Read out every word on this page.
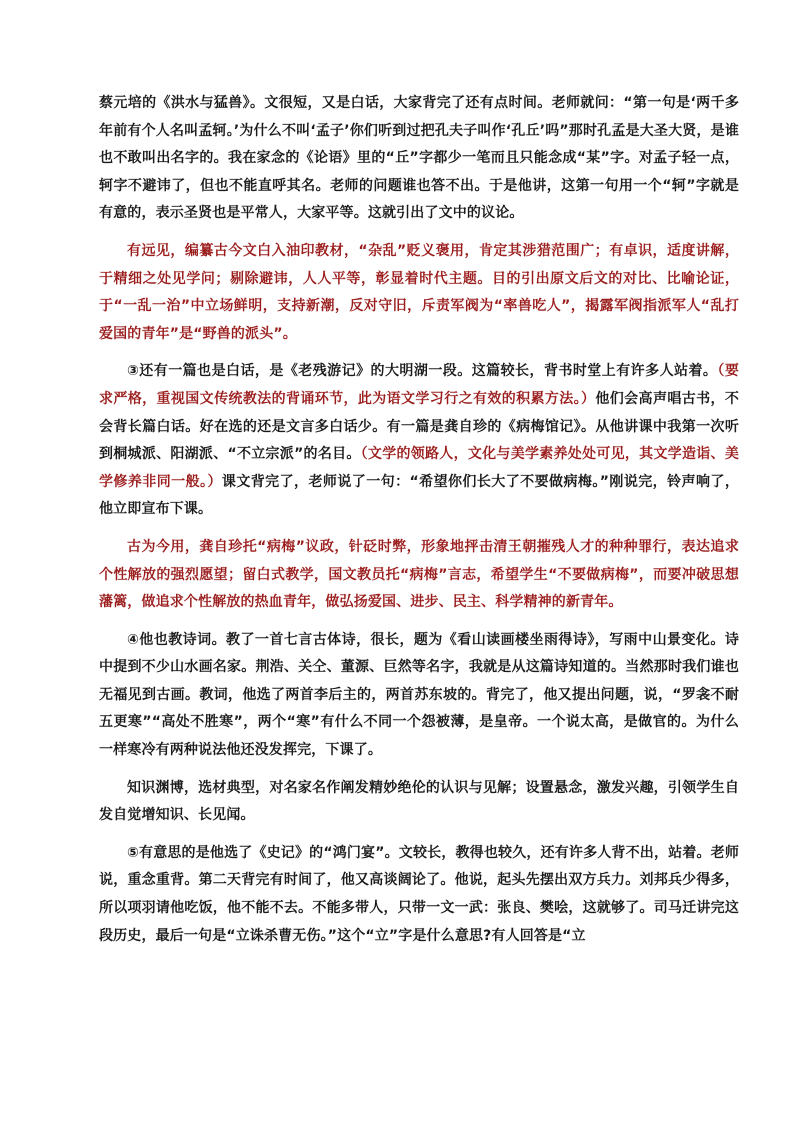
蔡元培的《洪水与猛兽》。文很短，又是白话，大家背完了还有点时间。老师就问：“第一句是‘两千多年前有个人名叫孟轲。’为什么不叫‘孟子’你们听到过把孔夫子叫作‘孔丘’吗”那时孔孟是大圣大贤，是谁也不敢叫出名字的。我在家念的《论语》里的“丘”字都少一笔而且只能念成“某”字。对孟子轻一点，轲字不避讳了，但也不能直呼其名。老师的问题谁也答不出。于是他讲，这第一句用一个“轲”字就是有意的，表示圣贤也是平常人，大家平等。这就引出了文中的议论。

有远见，编纂古今文白入油印教材，“杂乱”贬义褒用，肯定其涉猎范围广；有卓识，适度讲解，于精细之处见学问；剔除避讳，人人平等，彰显着时代主题。目的引出原文后文的对比、比喻论证，于“一乱一治”中立场鲜明，支持新潮，反对守旧，斥责军阀为“率兽吃人”，揭露军阀指派军人“乱打爱国的青年”是“野兽的派头”。

③还有一篇也是白话，是《老残游记》的大明湖一段。这篇较长，背书时堂上有许多人站着。（要求严格，重视国文传统教法的背诵环节，此为语文学习行之有效的积累方法。）他们会高声唱古书，不会背长篇白话。好在选的还是文言多白话少。有一篇是龚自珍的《病梅馆记》。从他讲课中我第一次听到桐城派、阳湖派、“不立宗派”的名目。（文学的领路人，文化与美学素养处处可见，其文学造诣、美学修养非同一般。）课文背完了，老师说了一句：“希望你们长大了不要做病梅。”刚说完，铃声响了，他立即宣布下课。

古为今用，龚自珍托“病梅”议政，针砭时弊，形象地抨击清王朝摧残人才的种种罪行，表达追求个性解放的强烈愿望；留白式教学，国文教员托“病梅”言志，希望学生“不要做病梅”，而要冲破思想藩篱，做追求个性解放的热血青年，做弘扬爱国、进步、民主、科学精神的新青年。

④他也教诗词。教了一首七言古体诗，很长，题为《看山读画楼坐雨得诗》，写雨中山景变化。诗中提到不少山水画名家。荆浩、关仝、董源、巨然等名字，我就是从这篇诗知道的。当然那时我们谁也无福见到古画。教词，他选了两首李后主的，两首苏东坡的。背完了，他又提出问题，说，“罗衾不耐五更寒”“高处不胜寒”，两个“寒”有什么不同一个怨被薄，是皇帝。一个说太高，是做官的。为什么一样寒冷有两种说法他还没发挥完，下课了。

知识渊博，选材典型，对名家名作阐发精妙绝伦的认识与见解；设置悬念，激发兴趣，引领学生自发自觉增知识、长见闻。

⑤有意思的是他选了《史记》的“鸿门宴”。文较长，教得也较久，还有许多人背不出，站着。老师说，重念重背。第二天背完有时间了，他又高谈阔论了。他说，起头先摆出双方兵力。刘邦兵少得多，所以项羽请他吃饭，他不能不去。不能多带人，只带一文一武：张良、樊哙，这就够了。司马迁讲完这段历史，最后一句是“立诛杀曹无伤。”这个“立”字是什么意思?有人回答是“立
